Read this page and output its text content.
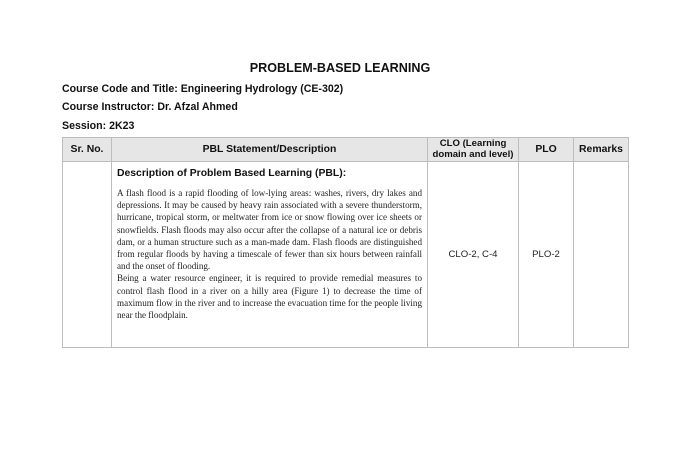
PROBLEM-BASED LEARNING
Course Code and Title: Engineering Hydrology (CE-302)
Course Instructor: Dr. Afzal Ahmed
Session: 2K23
Sr. No.	PBL Statement/Description	CLO (Learning domain and level)	PLO	Remarks

	Description of Problem Based Learning (PBL):
A flash flood is a rapid flooding of low-lying areas: washes, rivers, dry lakes and depressions. It may be caused by heavy rain associated with a severe thunderstorm, hurricane, tropical storm, or meltwater from ice or snow flowing over ice sheets or snowfields. Flash floods may also occur after the collapse of a natural ice or debris dam, or a human structure such as a man-made dam. Flash floods are distinguished from regular floods by having a timescale of fewer than six hours between rainfall and the onset of flooding.
Being a water resource engineer, it is required to provide remedial measures to control flash flood in a river on a hilly area (Figure 1) to decrease the time of maximum flow in the river and to increase the evacuation time for the people living near the floodplain.	CLO-2, C-4	PLO-2	
